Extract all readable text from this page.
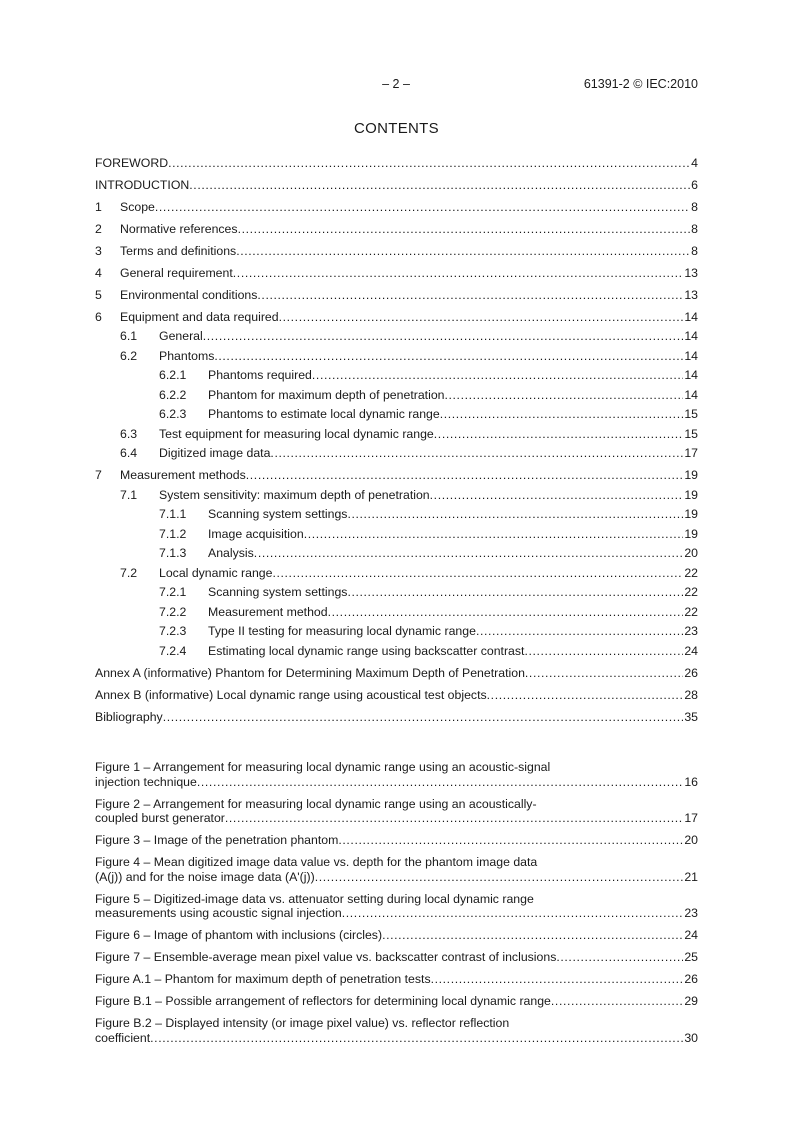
– 2 –	61391-2 © IEC:2010
CONTENTS
FOREWORD .....	4
INTRODUCTION .....	6
1	Scope .....	8
2	Normative references .....	8
3	Terms and definitions .....	8
4	General requirement .....	13
5	Environmental conditions .....	13
6	Equipment and data required .....	14
6.1	General .....	14
6.2	Phantoms .....	14
6.2.1	Phantoms required .....	14
6.2.2	Phantom for maximum depth of penetration .....	14
6.2.3	Phantoms to estimate local dynamic range .....	15
6.3	Test equipment for measuring local dynamic range .....	15
6.4	Digitized image data .....	17
7	Measurement methods .....	19
7.1	System sensitivity: maximum depth of penetration .....	19
7.1.1	Scanning system settings .....	19
7.1.2	Image acquisition .....	19
7.1.3	Analysis .....	20
7.2	Local dynamic range .....	22
7.2.1	Scanning system settings .....	22
7.2.2	Measurement method .....	22
7.2.3	Type II testing for measuring local dynamic range .....	23
7.2.4	Estimating local dynamic range using backscatter contrast .....	24
Annex A (informative) Phantom for Determining Maximum Depth of Penetration .....	26
Annex B (informative) Local dynamic range using acoustical test objects .....	28
Bibliography .....	35
Figure 1 – Arrangement for measuring local dynamic range using an acoustic-signal
injection technique .....	16
Figure 2 – Arrangement for measuring local dynamic range using an acoustically-
coupled burst generator .....	17
Figure 3 – Image of the penetration phantom .....	20
Figure 4 – Mean digitized image data value vs. depth for the phantom image data
(A(j)) and for the noise image data (A'(j)) .....	21
Figure 5 – Digitized-image data vs. attenuator setting during local dynamic range
measurements using acoustic signal injection .....	23
Figure 6 – Image of phantom with inclusions (circles) .....	24
Figure 7 – Ensemble-average mean pixel value vs. backscatter contrast of inclusions .....	25
Figure A.1 – Phantom for maximum depth of penetration tests .....	26
Figure B.1 – Possible arrangement of reflectors for determining local dynamic range .....	29
Figure B.2 – Displayed intensity (or image pixel value) vs. reflector reflection
coefficient .....	30
